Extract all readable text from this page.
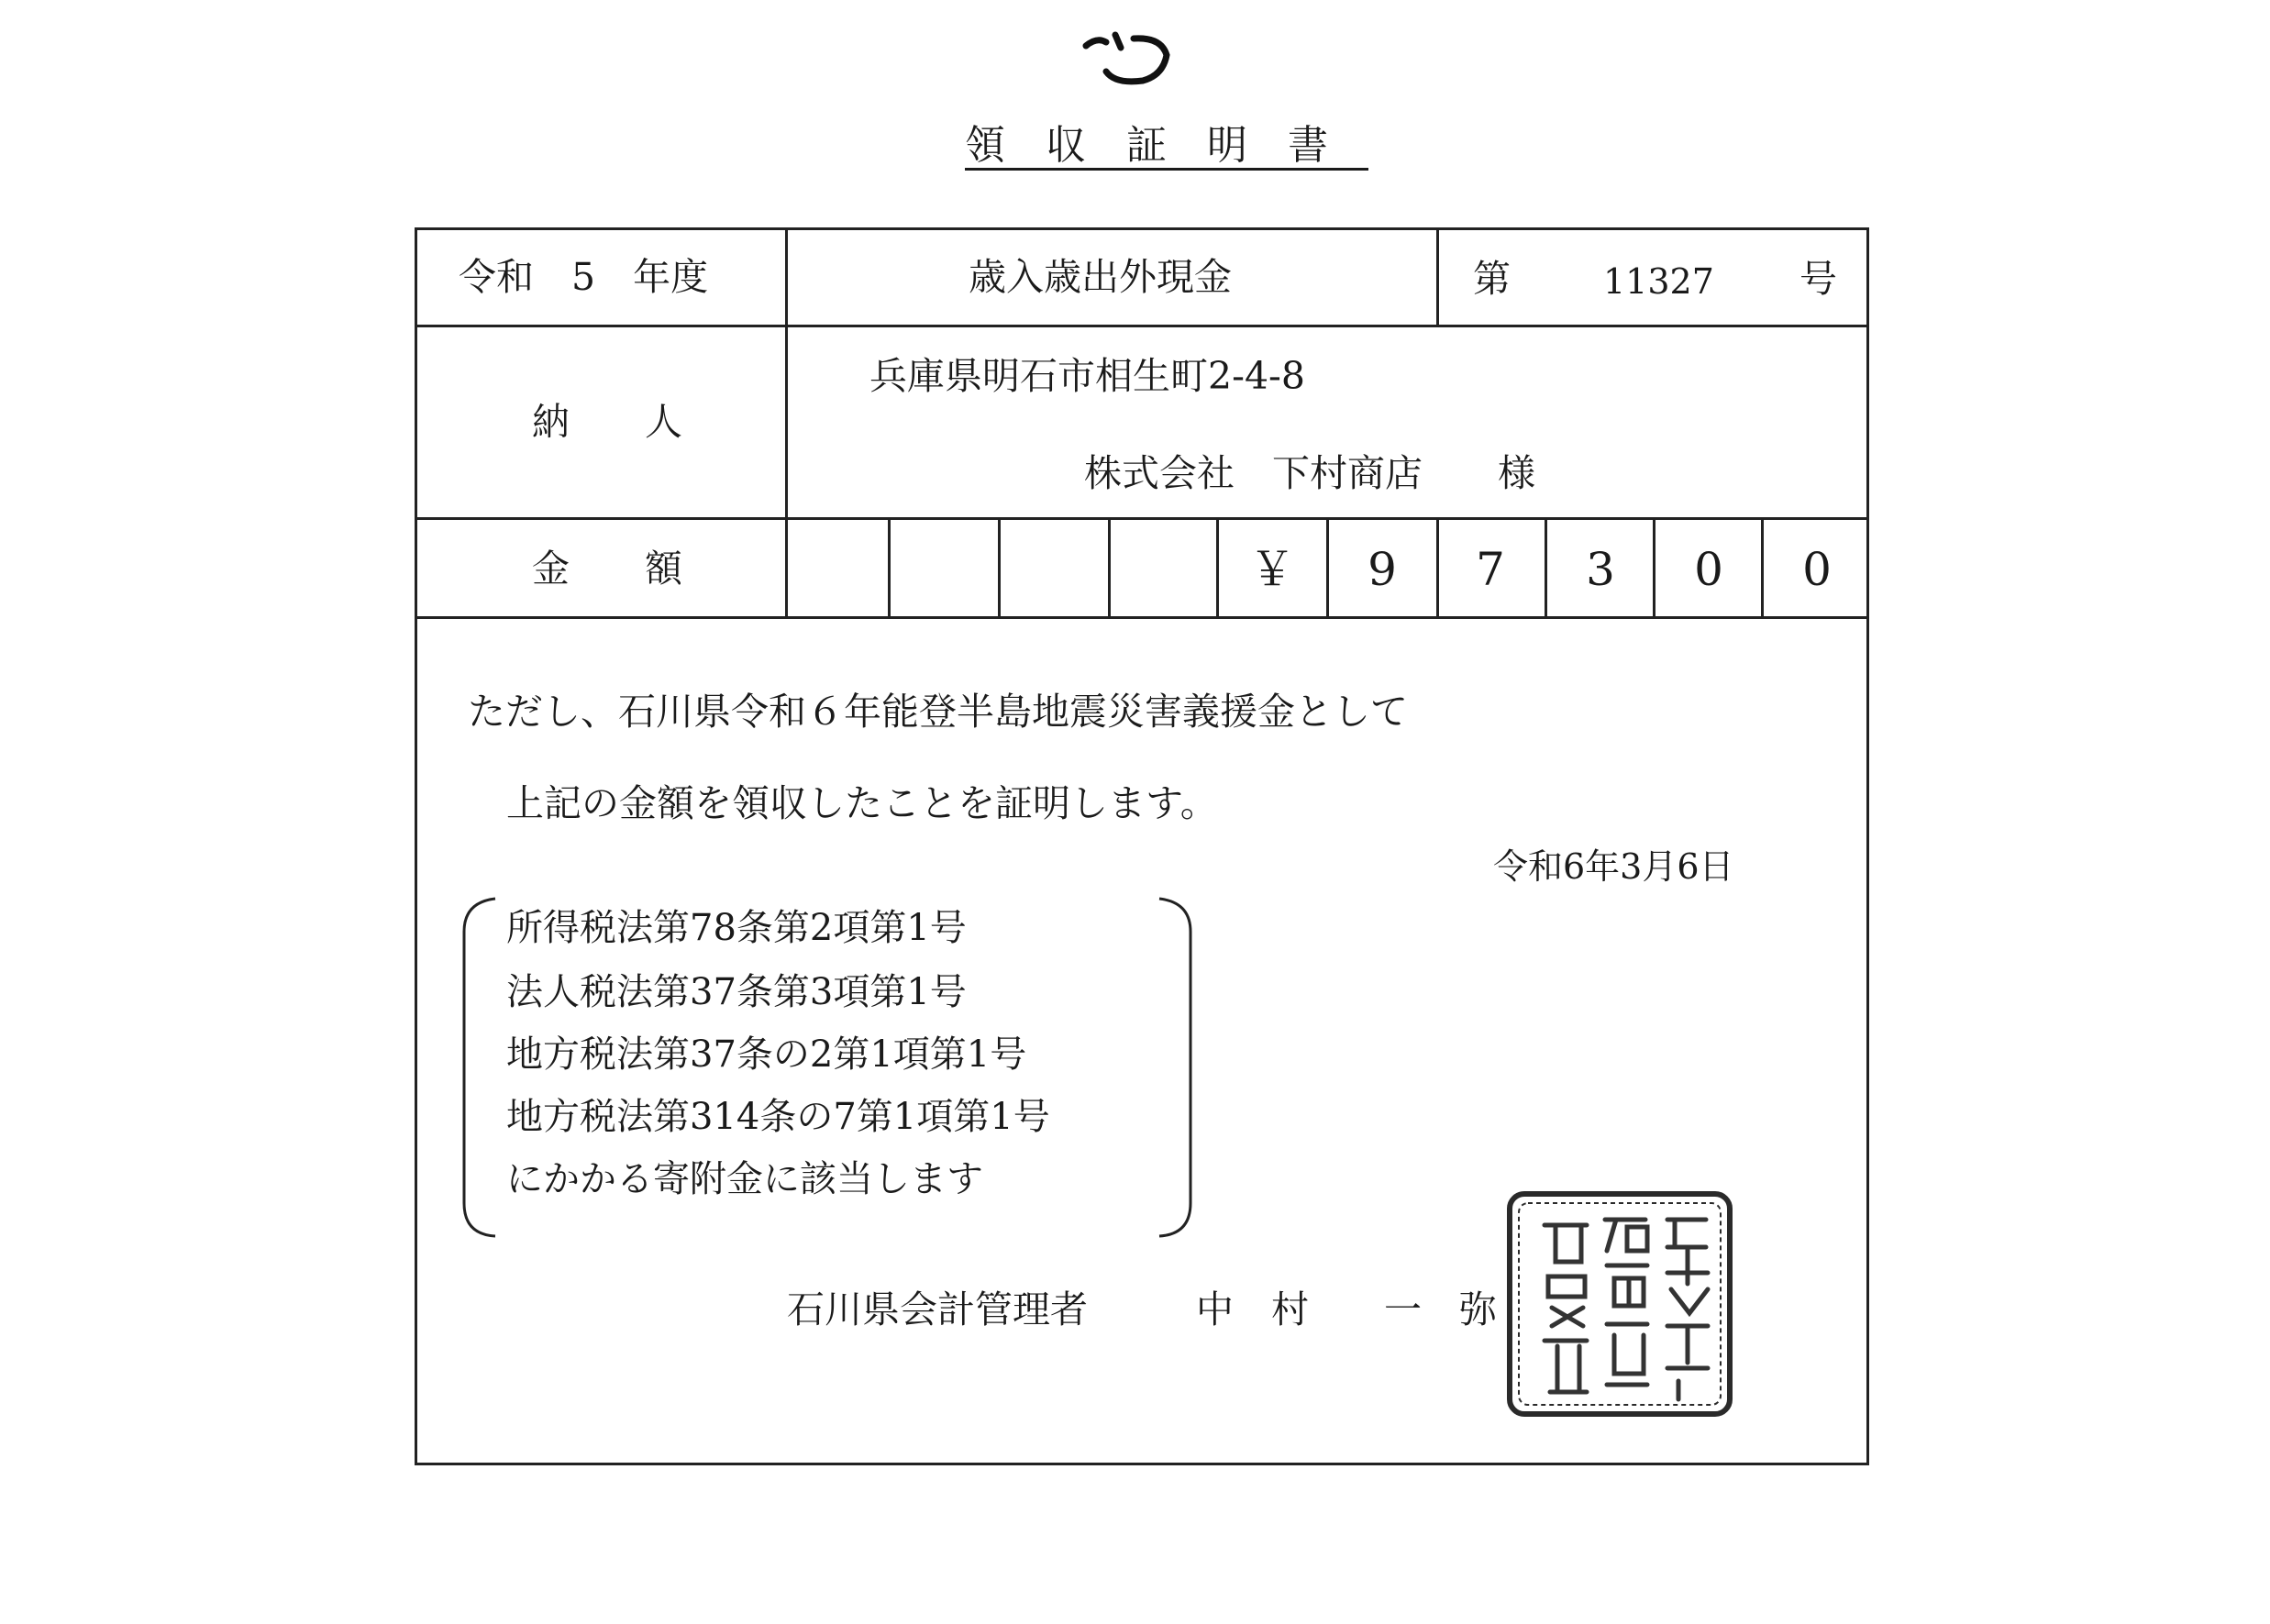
領収証明書
令和　5　年度	歳入歳出外現金	第	11327 号
納　　人
兵庫県明石市相生町2-4-8
株式会社　下村商店　　様
金　　額	￥	9	7	3	0	0
ただし、石川県令和６年能登半島地震災害義援金として
上記の金額を領収したことを証明します。
令和6年3月6日
所得税法第78条第2項第1号
法人税法第37条第3項第1号
地方税法第37条の2第1項第1号
地方税法第314条の7第1項第1号
にかかる寄附金に該当します
石川県会計管理者	中　村　　一　弥
